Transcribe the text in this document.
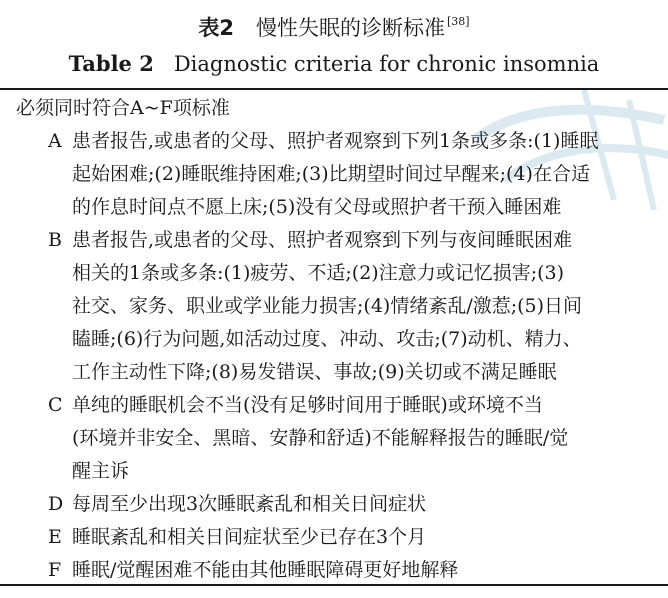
表2 慢性失眠的诊断标准 [38]
Table 2 Diagnostic criteria for chronic insomnia
必须同时符合A~F项标准
A 患者报告,或患者的父母、照护者观察到下列1条或多条:(1)睡眠
起始困难;(2)睡眠维持困难;(3)比期望时间过早醒来;(4)在合适
的作息时间点不愿上床;(5)没有父母或照护者干预入睡困难
B 患者报告,或患者的父母、照护者观察到下列与夜间睡眠困难
相关的1条或多条:(1)疲劳、不适;(2)注意力或记忆损害;(3)
社交、家务、职业或学业能力损害;(4)情绪紊乱/激惹;(5)日间
瞌睡;(6)行为问题,如活动过度、冲动、攻击;(7)动机、精力、
工作主动性下降;(8)易发错误、事故;(9)关切或不满足睡眠
C 单纯的睡眠机会不当(没有足够时间用于睡眠)或环境不当
(环境并非安全、黑暗、安静和舒适)不能解释报告的睡眠/觉
醒主诉
D 每周至少出现3次睡眠紊乱和相关日间症状
E 睡眠紊乱和相关日间症状至少已存在3个月
F 睡眠/觉醒困难不能由其他睡眠障碍更好地解释
